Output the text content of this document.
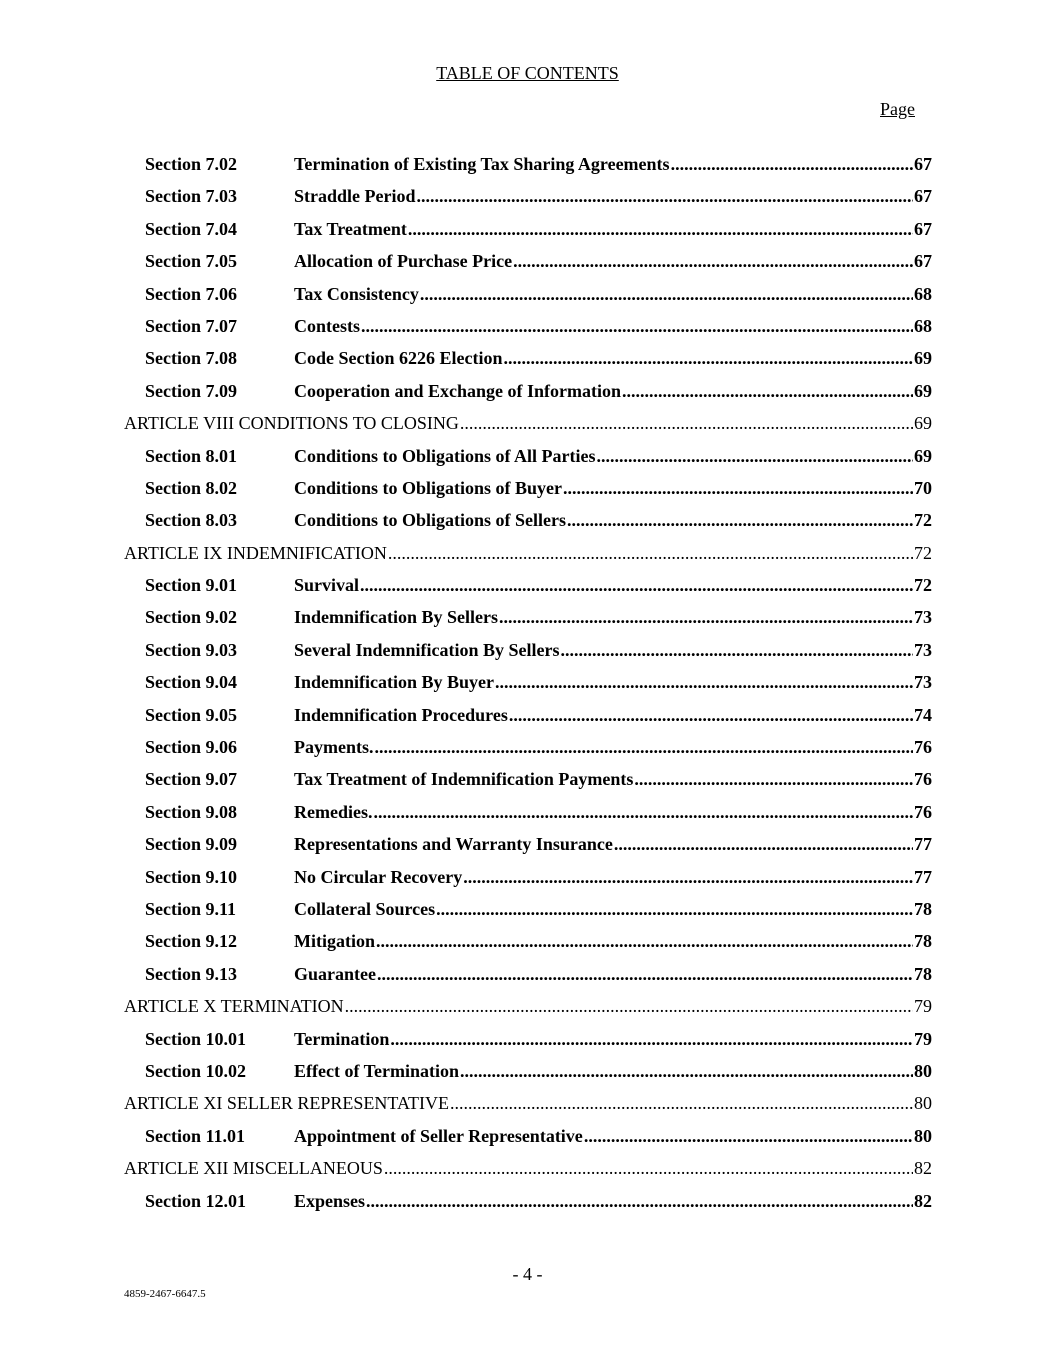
TABLE OF CONTENTS
Page
Section 7.02	Termination of Existing Tax Sharing Agreements .....	67
Section 7.03	Straddle Period .....	67
Section 7.04	Tax Treatment .....	67
Section 7.05	Allocation of Purchase Price .....	67
Section 7.06	Tax Consistency .....	68
Section 7.07	Contests .....	68
Section 7.08	Code Section 6226 Election .....	69
Section 7.09	Cooperation and Exchange of Information .....	69
ARTICLE VIII CONDITIONS TO CLOSING .....	69
Section 8.01	Conditions to Obligations of All Parties .....	69
Section 8.02	Conditions to Obligations of Buyer .....	70
Section 8.03	Conditions to Obligations of Sellers .....	72
ARTICLE IX INDEMNIFICATION .....	72
Section 9.01	Survival .....	72
Section 9.02	Indemnification By Sellers .....	73
Section 9.03	Several Indemnification By Sellers .....	73
Section 9.04	Indemnification By Buyer .....	73
Section 9.05	Indemnification Procedures .....	74
Section 9.06	Payments. .....	76
Section 9.07	Tax Treatment of Indemnification Payments .....	76
Section 9.08	Remedies. .....	76
Section 9.09	Representations and Warranty Insurance .....	77
Section 9.10	No Circular Recovery .....	77
Section 9.11	Collateral Sources .....	78
Section 9.12	Mitigation .....	78
Section 9.13	Guarantee .....	78
ARTICLE X TERMINATION .....	79
Section 10.01	Termination .....	79
Section 10.02	Effect of Termination .....	80
ARTICLE XI SELLER REPRESENTATIVE .....	80
Section 11.01	Appointment of Seller Representative .....	80
ARTICLE XII MISCELLANEOUS .....	82
Section 12.01	Expenses .....	82
- 4 -
4859-2467-6647.5
